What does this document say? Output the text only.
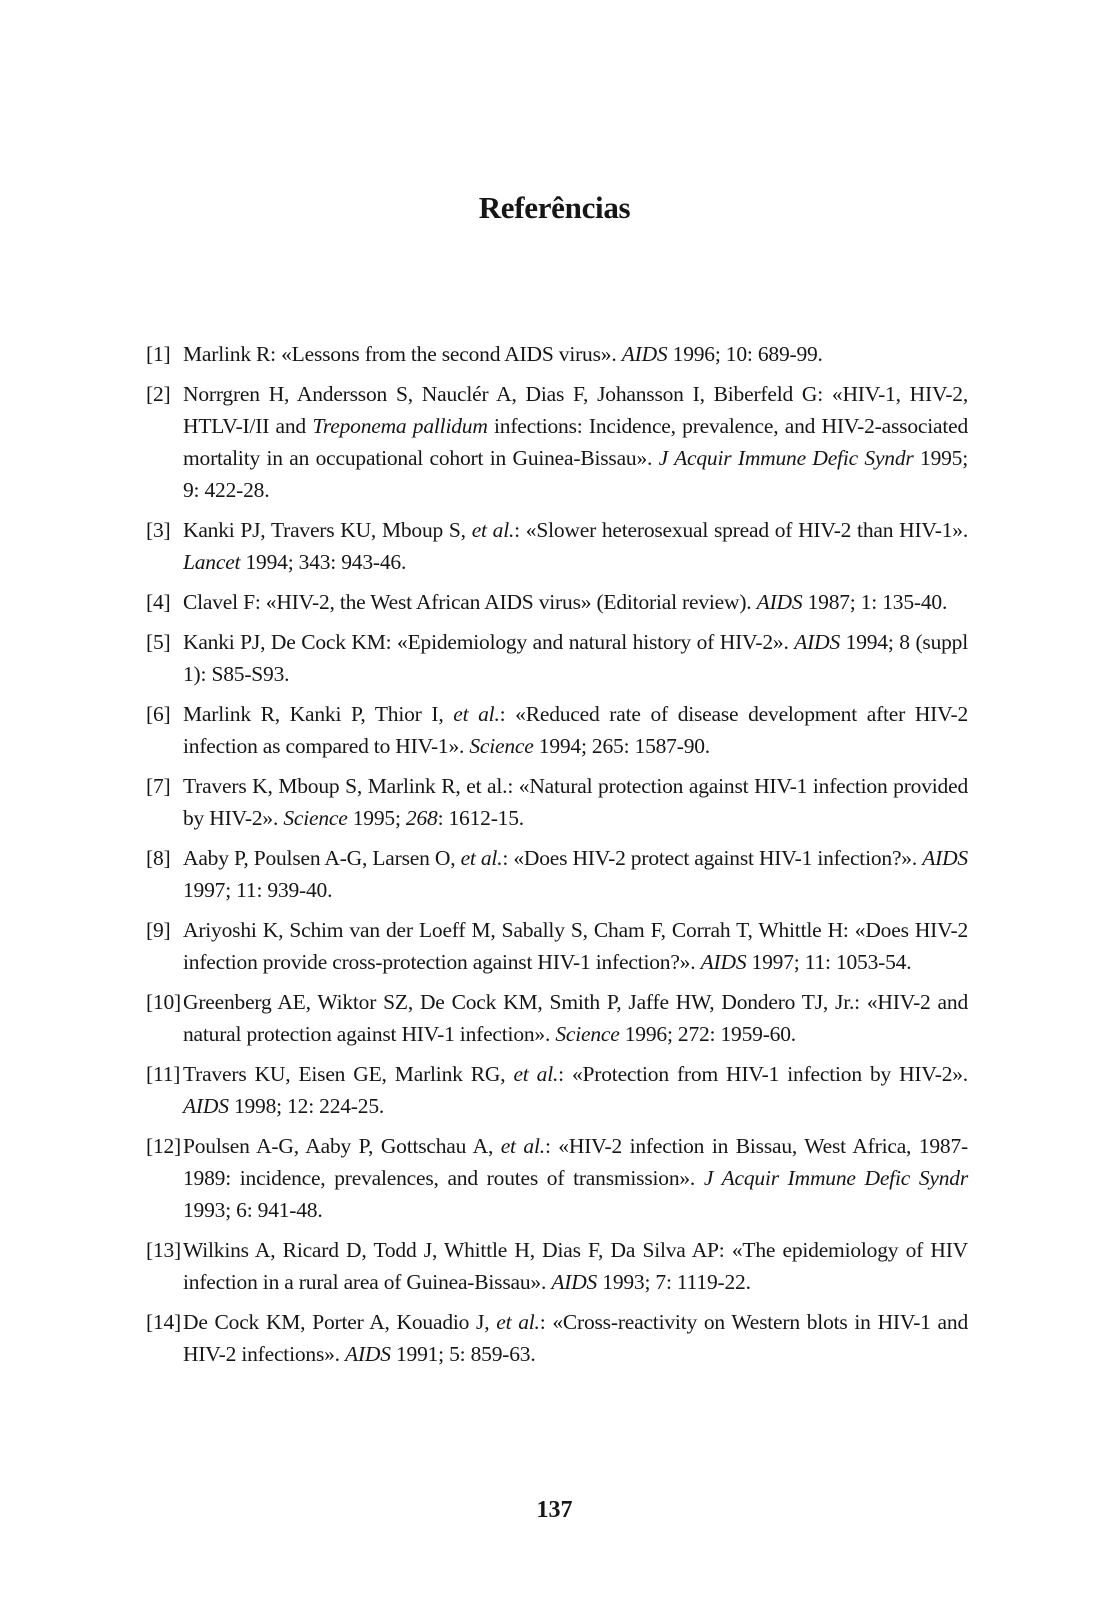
Referências
[1] Marlink R: «Lessons from the second AIDS virus». AIDS 1996; 10: 689-99.
[2] Norrgren H, Andersson S, Nauclér A, Dias F, Johansson I, Biberfeld G: «HIV-1, HIV-2, HTLV-I/II and Treponema pallidum infections: Incidence, prevalence, and HIV-2-associated mortality in an occupational cohort in Guinea-Bissau». J Acquir Immune Defic Syndr 1995; 9: 422-28.
[3] Kanki PJ, Travers KU, Mboup S, et al.: «Slower heterosexual spread of HIV-2 than HIV-1». Lancet 1994; 343: 943-46.
[4] Clavel F: «HIV-2, the West African AIDS virus» (Editorial review). AIDS 1987; 1: 135-40.
[5] Kanki PJ, De Cock KM: «Epidemiology and natural history of HIV-2». AIDS 1994; 8 (suppl 1): S85-S93.
[6] Marlink R, Kanki P, Thior I, et al.: «Reduced rate of disease development after HIV-2 infection as compared to HIV-1». Science 1994; 265: 1587-90.
[7] Travers K, Mboup S, Marlink R, et al.: «Natural protection against HIV-1 infection provided by HIV-2». Science 1995; 268: 1612-15.
[8] Aaby P, Poulsen A-G, Larsen O, et al.: «Does HIV-2 protect against HIV-1 infection?». AIDS 1997; 11: 939-40.
[9] Ariyoshi K, Schim van der Loeff M, Sabally S, Cham F, Corrah T, Whittle H: «Does HIV-2 infection provide cross-protection against HIV-1 infection?». AIDS 1997; 11: 1053-54.
[10] Greenberg AE, Wiktor SZ, De Cock KM, Smith P, Jaffe HW, Dondero TJ, Jr.: «HIV-2 and natural protection against HIV-1 infection». Science 1996; 272: 1959-60.
[11] Travers KU, Eisen GE, Marlink RG, et al.: «Protection from HIV-1 infection by HIV-2». AIDS 1998; 12: 224-25.
[12] Poulsen A-G, Aaby P, Gottschau A, et al.: «HIV-2 infection in Bissau, West Africa, 1987-1989: incidence, prevalences, and routes of transmission». J Acquir Immune Defic Syndr 1993; 6: 941-48.
[13] Wilkins A, Ricard D, Todd J, Whittle H, Dias F, Da Silva AP: «The epidemiology of HIV infection in a rural area of Guinea-Bissau». AIDS 1993; 7: 1119-22.
[14] De Cock KM, Porter A, Kouadio J, et al.: «Cross-reactivity on Western blots in HIV-1 and HIV-2 infections». AIDS 1991; 5: 859-63.
137
